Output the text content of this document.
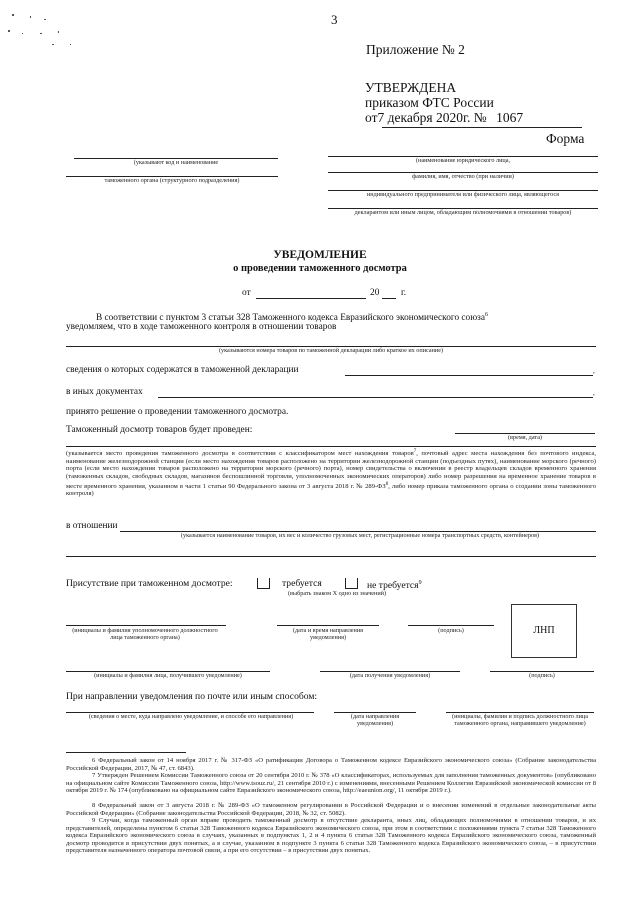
3
Приложение № 2
УТВЕРЖДЕНА
приказом ФТС России
от7 декабря 2020г. № 1067
Форма
(указывают код и наименование
таможенного органа (структурного подразделения)
(наименование юридического лица,
фамилия, имя, отчество (при наличии)
индивидуального предпринимателя или физического лица, являющегося
декларантом или иным лицом, обладающим полномочиями в отношении товаров)
УВЕДОМЛЕНИЕ
о проведении таможенного досмотра
от	20 г.
В соответствии с пунктом 3 статьи 328 Таможенного кодекса Евразийского экономического союза$^6$
уведомляем, что в ходе таможенного контроля в отношении товаров
(указываются номера товаров по таможенной декларации либо краткое их описание)
сведения о которых содержатся в таможенной декларации	,
в иных документах	,
принято решение о проведении таможенного досмотра.
Таможенный досмотр товаров будет проведен:
(время, дата)
(указывается место проведения таможенного досмотра в соответствии с классификатором мест нахождения товаров$^7$, почтовый адрес места нахождения без почтового индекса, наименование железнодорожной станции (если место нахождения товаров расположено на территории железнодорожной станции (подъездных путях), наименование морского (речного) порта (если место нахождения товаров расположено на территории морского (речного) порта), номер свидетельства о включении в реестр владельцев складов временного хранения (таможенных складов, свободных складов, магазинов беспошлинной торговли, уполномоченных экономических операторов) либо номер разрешения на временное хранение товаров в месте временного хранения, указанном в части 1 статьи 90 Федерального закона от 3 августа 2018 г. № $289-ФЗ^8$, либо номер приказа таможенного органа о создании зоны таможенного контроля)
в отношении
(указывается наименование товаров, их вес и количество грузовых мест, регистрационные номера транспортных средств, контейнеров)
Присутствие при таможенном досмотре:	требуется	не требуется$^9$
(выбрать знаком X одно из значений)
ЛНП
(инициалы и фамилия уполномоченного должностного лица таможенного органа)
(дата и время направления уведомления)
(подпись)
(инициалы и фамилия лица, получившего уведомление)	(дата получения уведомления)	(подпись)
При направлении уведомления по почте или иным способом:
(сведения о месте, куда направлено уведомление, и способе его направления)	(дата направления уведомления)
(инициалы, фамилия и подпись должностного лица таможенного органа, направившего уведомление)
6 Федеральный закон от 14 ноября 2017 г. № 317-ФЗ «О ратификации Договора о Таможенном кодексе Евразийского экономического союза» (Собрание законодательства Российской Федерации, 2017, № 47, ст. 6843).
7 Утвержден Решением Комиссии Таможенного союза от 20 сентября 2010 г. № 378 «О классификаторах, используемых для заполнения таможенных документов» (опубликовано на официальном сайте Комиссии Таможенного союза, http://www.tsouz.ru/, 21 сентября 2010 г.) с изменениями, внесенными Решением Коллегии Евразийской экономической комиссии от 8 октября 2019 г. № 174 (опубликовано на официальном сайте Евразийского экономического союза, http://eaeunion.org/, 11 октября 2019 г.).
8 Федеральный закон от 3 августа 2018 г. № 289-ФЗ «О таможенном регулировании в Российской Федерации и о внесении изменений в отдельные законодательные акты Российской Федерации» (Собрание законодательства Российской Федерации, 2018, № 32, ст. 5082).
9 Случаи, когда таможенный орган вправе проводить таможенный досмотр в отсутствие декларанта, иных лиц, обладающих полномочиями в отношении товаров, и их представителей, определены пунктом 6 статьи 328 Таможенного кодекса Евразийского экономического союза, при этом в соответствии с положениями пункта 7 статьи 328 Таможенного кодекса Евразийского экономического союза в случаях, указанных в подпунктах 1, 2 и 4 пункта 6 статьи 328 Таможенного кодекса Евразийского экономического союза, таможенный досмотр проводится в присутствии двух понятых, а в случае, указанном в подпункте 3 пункта 6 статьи 328 Таможенного кодекса Евразийского экономического союза, – в присутствии представителя назначенного оператора почтовой связи, а при его отсутствии – в присутствии двух понятых.
